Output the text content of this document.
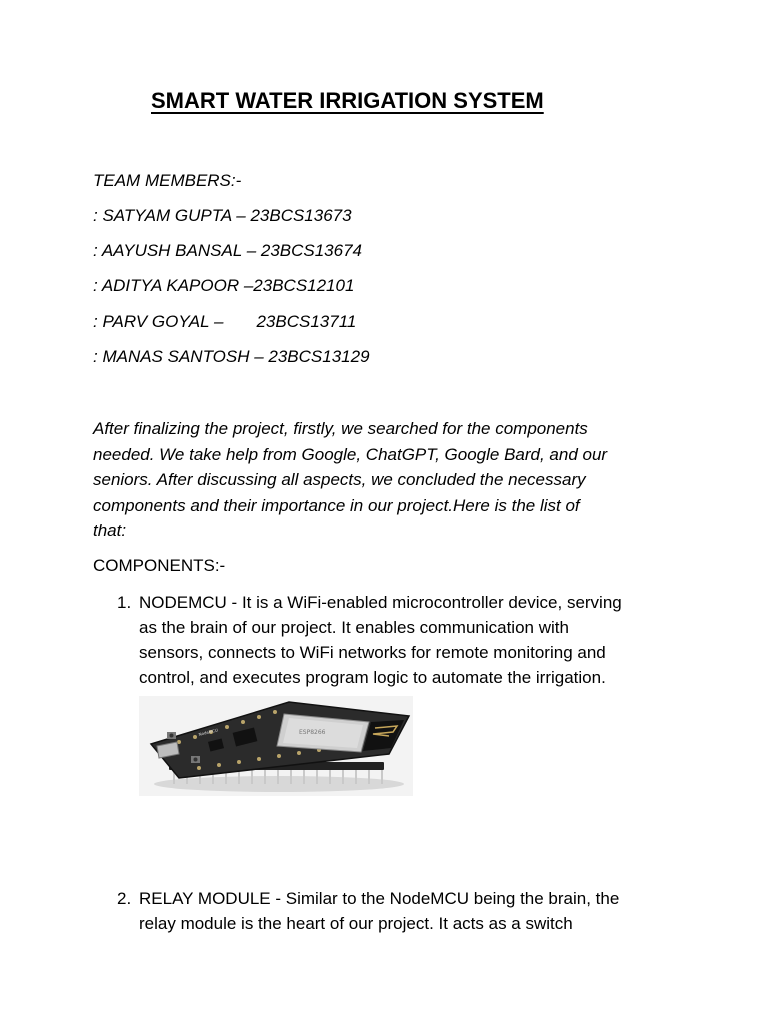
SMART WATER IRRIGATION SYSTEM
TEAM MEMBERS:-
: SATYAM GUPTA – 23BCS13673
: AAYUSH BANSAL – 23BCS13674
: ADITYA KAPOOR –23BCS12101
: PARV GOYAL –       23BCS13711
: MANAS SANTOSH – 23BCS13129
After finalizing the project, firstly, we searched for the components
needed. We take help from Google, ChatGPT, Google Bard, and our
seniors. After discussing all aspects, we concluded the necessary
components and their importance in our project.Here is the list of
that:
COMPONENTS:-
1. NODEMCU - It is a WiFi-enabled microcontroller device, serving
as the brain of our project. It enables communication with
sensors, connects to WiFi networks for remote monitoring and
control, and executes program logic to automate the irrigation.
ESP8266
NodeMCU
2. RELAY MODULE - Similar to the NodeMCU being the brain, the
relay module is the heart of our project. It acts as a switch
